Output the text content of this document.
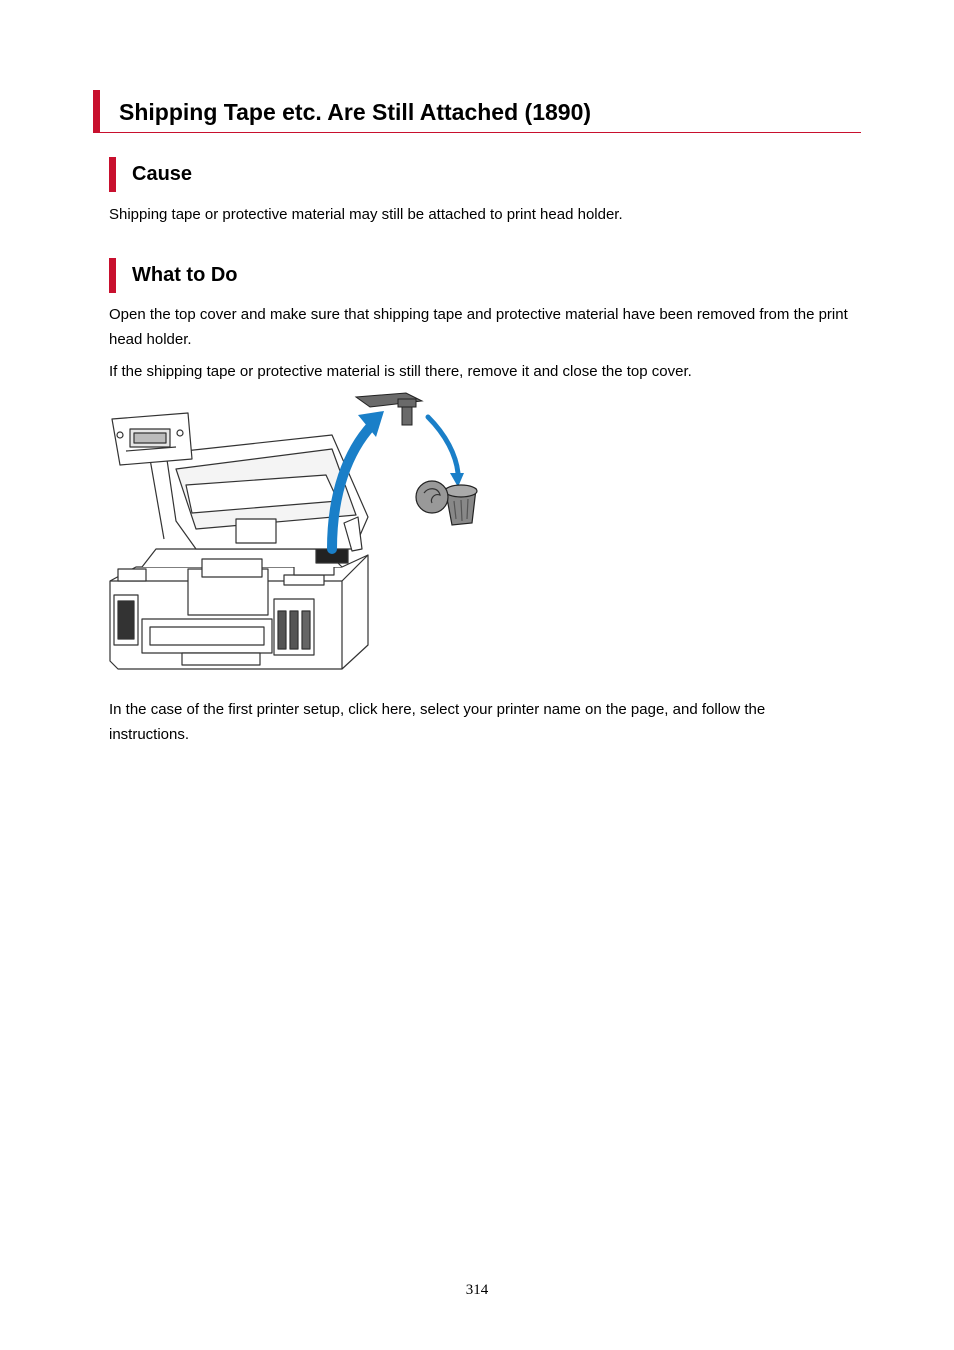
Shipping Tape etc. Are Still Attached (1890)
Cause

Shipping tape or protective material may still be attached to print head holder.

What to Do

Open the top cover and make sure that shipping tape and protective material have been removed from the print head holder.

If the shipping tape or protective material is still there, remove it and close the top cover.

In the case of the first printer setup, click here, select your printer name on the page, and follow the instructions.

314
